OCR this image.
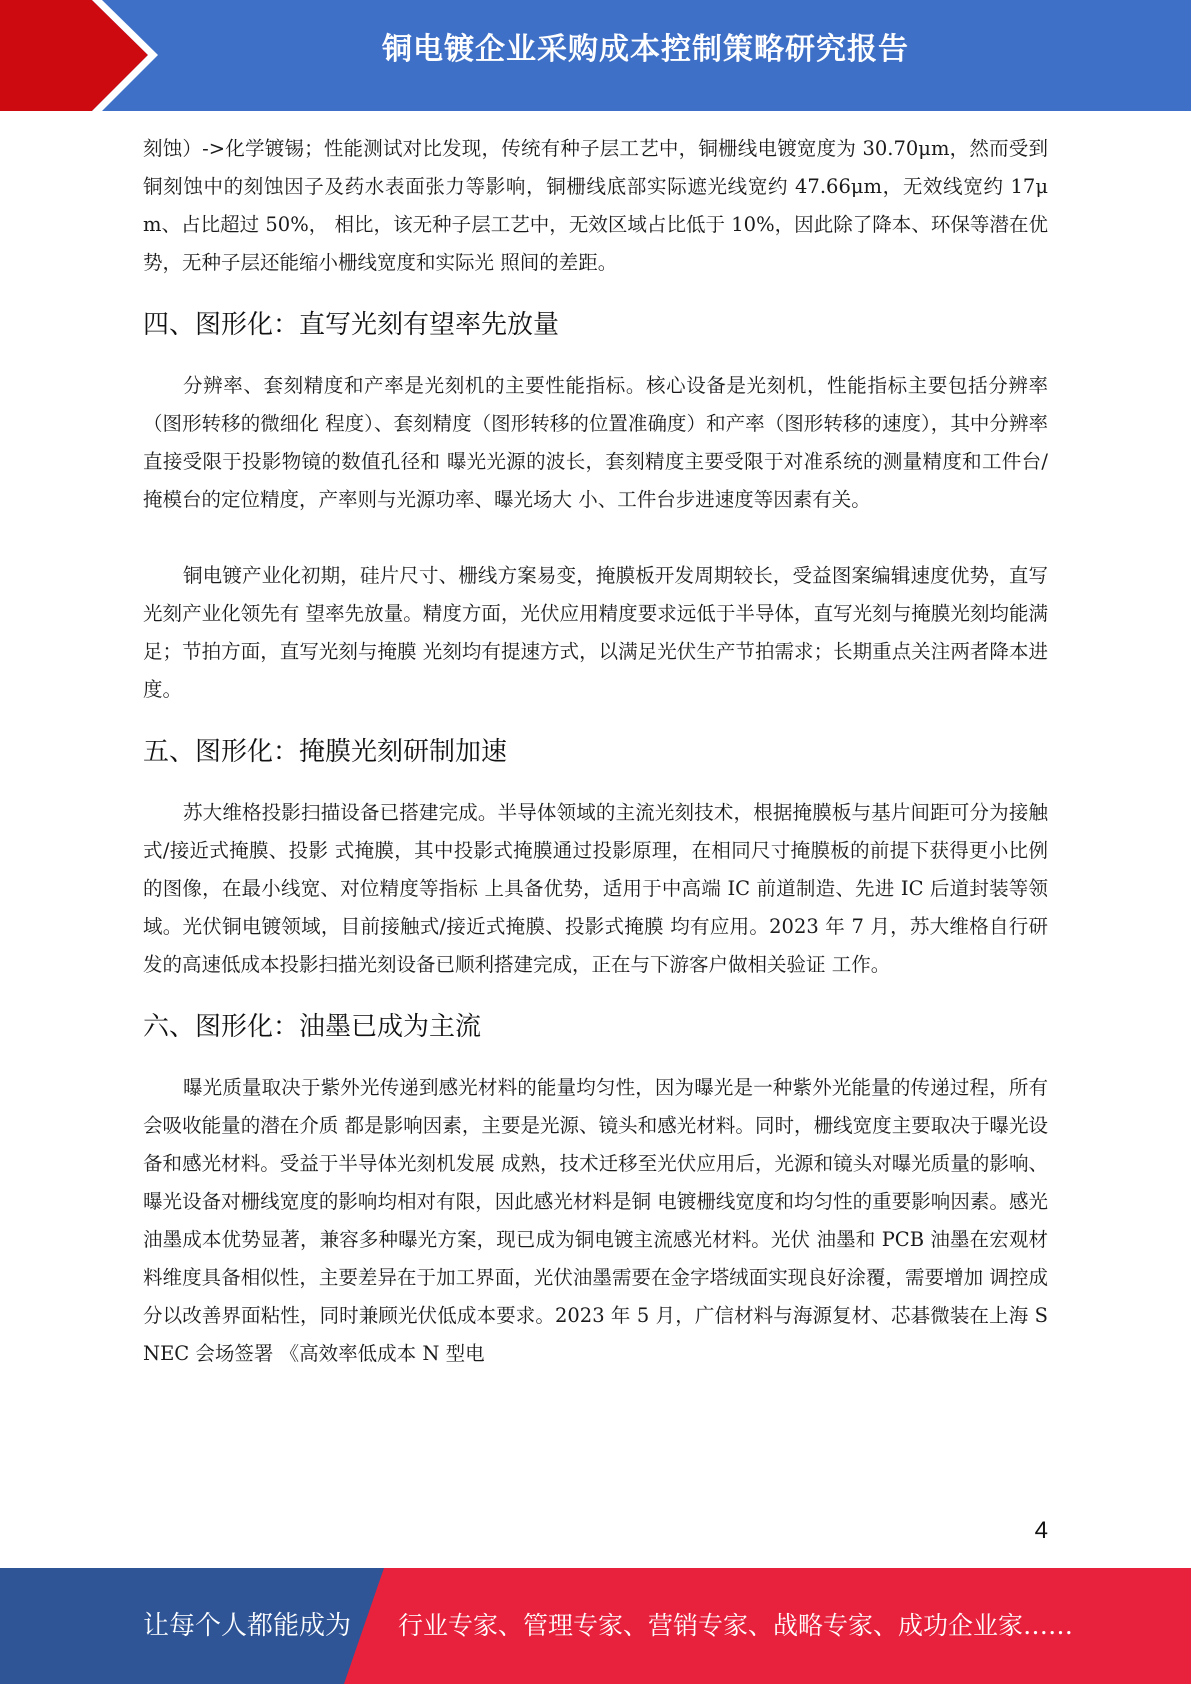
铜电镀企业采购成本控制策略研究报告

刻蚀）->化学镀锡；性能测试对比发现，传统有种子层工艺中，铜栅线电镀宽度为 30.70μm，然而受到 铜刻蚀中的刻蚀因子及药水表面张力等影响，铜栅线底部实际遮光线宽约 47.66μm，无效线宽约 17μm、占比超过 50%， 相比，该无种子层工艺中，无效区域占比低于 10%，因此除了降本、环保等潜在优势，无种子层还能缩小栅线宽度和实际光 照间的差距。

四、图形化：直写光刻有望率先放量

分辨率、套刻精度和产率是光刻机的主要性能指标。核心设备是光刻机，性能指标主要包括分辨率（图形转移的微细化 程度）、套刻精度（图形转移的位置准确度）和产率（图形转移的速度），其中分辨率直接受限于投影物镜的数值孔径和 曝光光源的波长，套刻精度主要受限于对准系统的测量精度和工件台/掩模台的定位精度，产率则与光源功率、曝光场大 小、工件台步进速度等因素有关。

铜电镀产业化初期，硅片尺寸、栅线方案易变，掩膜板开发周期较长，受益图案编辑速度优势，直写光刻产业化领先有 望率先放量。精度方面，光伏应用精度要求远低于半导体，直写光刻与掩膜光刻均能满足；节拍方面，直写光刻与掩膜 光刻均有提速方式，以满足光伏生产节拍需求；长期重点关注两者降本进度。

五、图形化：掩膜光刻研制加速

苏大维格投影扫描设备已搭建完成。半导体领域的主流光刻技术，根据掩膜板与基片间距可分为接触式/接近式掩膜、投影 式掩膜，其中投影式掩膜通过投影原理，在相同尺寸掩膜板的前提下获得更小比例的图像，在最小线宽、对位精度等指标 上具备优势，适用于中高端 IC 前道制造、先进 IC 后道封装等领域。光伏铜电镀领域，目前接触式/接近式掩膜、投影式掩膜 均有应用。2023 年 7 月，苏大维格自行研发的高速低成本投影扫描光刻设备已顺利搭建完成，正在与下游客户做相关验证 工作。

六、图形化：油墨已成为主流

曝光质量取决于紫外光传递到感光材料的能量均匀性，因为曝光是一种紫外光能量的传递过程，所有会吸收能量的潜在介质 都是影响因素，主要是光源、镜头和感光材料。同时，栅线宽度主要取决于曝光设备和感光材料。受益于半导体光刻机发展 成熟，技术迁移至光伏应用后，光源和镜头对曝光质量的影响、曝光设备对栅线宽度的影响均相对有限，因此感光材料是铜 电镀栅线宽度和均匀性的重要影响因素。感光油墨成本优势显著，兼容多种曝光方案，现已成为铜电镀主流感光材料。光伏 油墨和 PCB 油墨在宏观材料维度具备相似性，主要差异在于加工界面，光伏油墨需要在金字塔绒面实现良好涂覆，需要增加 调控成分以改善界面粘性，同时兼顾光伏低成本要求。2023 年 5 月，广信材料与海源复材、芯碁微装在上海 SNEC 会场签署 《高效率低成本 N 型电

4
让每个人都能成为 行业专家、管理专家、营销专家、战略专家、成功企业家……
